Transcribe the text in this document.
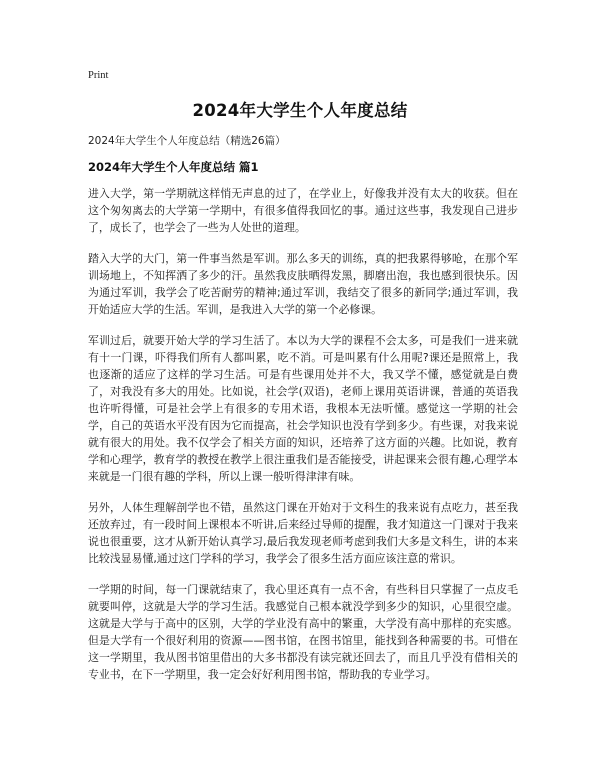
Print
2024年大学生个人年度总结
2024年大学生个人年度总结（精选26篇）
2024年大学生个人年度总结 篇1

进入大学，第一学期就这样悄无声息的过了，在学业上，好像我并没有太大的收获。但在这个匆匆离去的大学第一学期中，有很多值得我回忆的事。通过这些事，我发现自己进步了，成长了，也学会了一些为人处世的道理。

踏入大学的大门，第一件事当然是军训。那么多天的训练，真的把我累得够呛，在那个军训场地上，不知挥洒了多少的汗。虽然我皮肤晒得发黑，脚磨出泡，我也感到很快乐。因为通过军训，我学会了吃苦耐劳的精神;通过军训，我结交了很多的新同学;通过军训，我开始适应大学的生活。军训，是我进入大学的第一个必修课。

军训过后，就要开始大学的学习生活了。本以为大学的课程不会太多，可是我们一进来就有十一门课，吓得我们所有人都叫累，吃不消。可是叫累有什么用呢?课还是照常上，我也逐渐的适应了这样的学习生活。可是有些课用处并不大，我又学不懂，感觉就是白费了，对我没有多大的用处。比如说，社会学(双语)，老师上课用英语讲课，普通的英语我也许听得懂，可是社会学上有很多的专用术语，我根本无法听懂。感觉这一学期的社会学，自己的英语水平没有因为它而提高，社会学知识也没有学到多少。有些课，对我来说就有很大的用处。我不仅学会了相关方面的知识，还培养了这方面的兴趣。比如说，教育学和心理学，教育学的教授在教学上很注重我们是否能接受，讲起课来会很有趣,心理学本来就是一门很有趣的学科，所以上课一般听得津津有味。

另外，人体生理解剖学也不错，虽然这门课在开始对于文科生的我来说有点吃力，甚至我还放弃过，有一段时间上课根本不听讲,后来经过导师的提醒，我才知道这一门课对于我来说也很重要，这才从新开始认真学习,最后我发现老师考虑到我们大多是文科生，讲的本来比较浅显易懂,通过这门学科的学习，我学会了很多生活方面应该注意的常识。

一学期的时间，每一门课就结束了，我心里还真有一点不舍，有些科目只掌握了一点皮毛就要叫停，这就是大学的学习生活。我感觉自己根本就没学到多少的知识，心里很空虚。这就是大学与于高中的区别，大学的学业没有高中的繁重，大学没有高中那样的充实感。但是大学有一个很好利用的资源——图书馆，在图书馆里，能找到各种需要的书。可惜在这一学期里，我从图书馆里借出的大多书都没有读完就还回去了，而且几乎没有借相关的专业书，在下一学期里，我一定会好好利用图书馆，帮助我的专业学习。
